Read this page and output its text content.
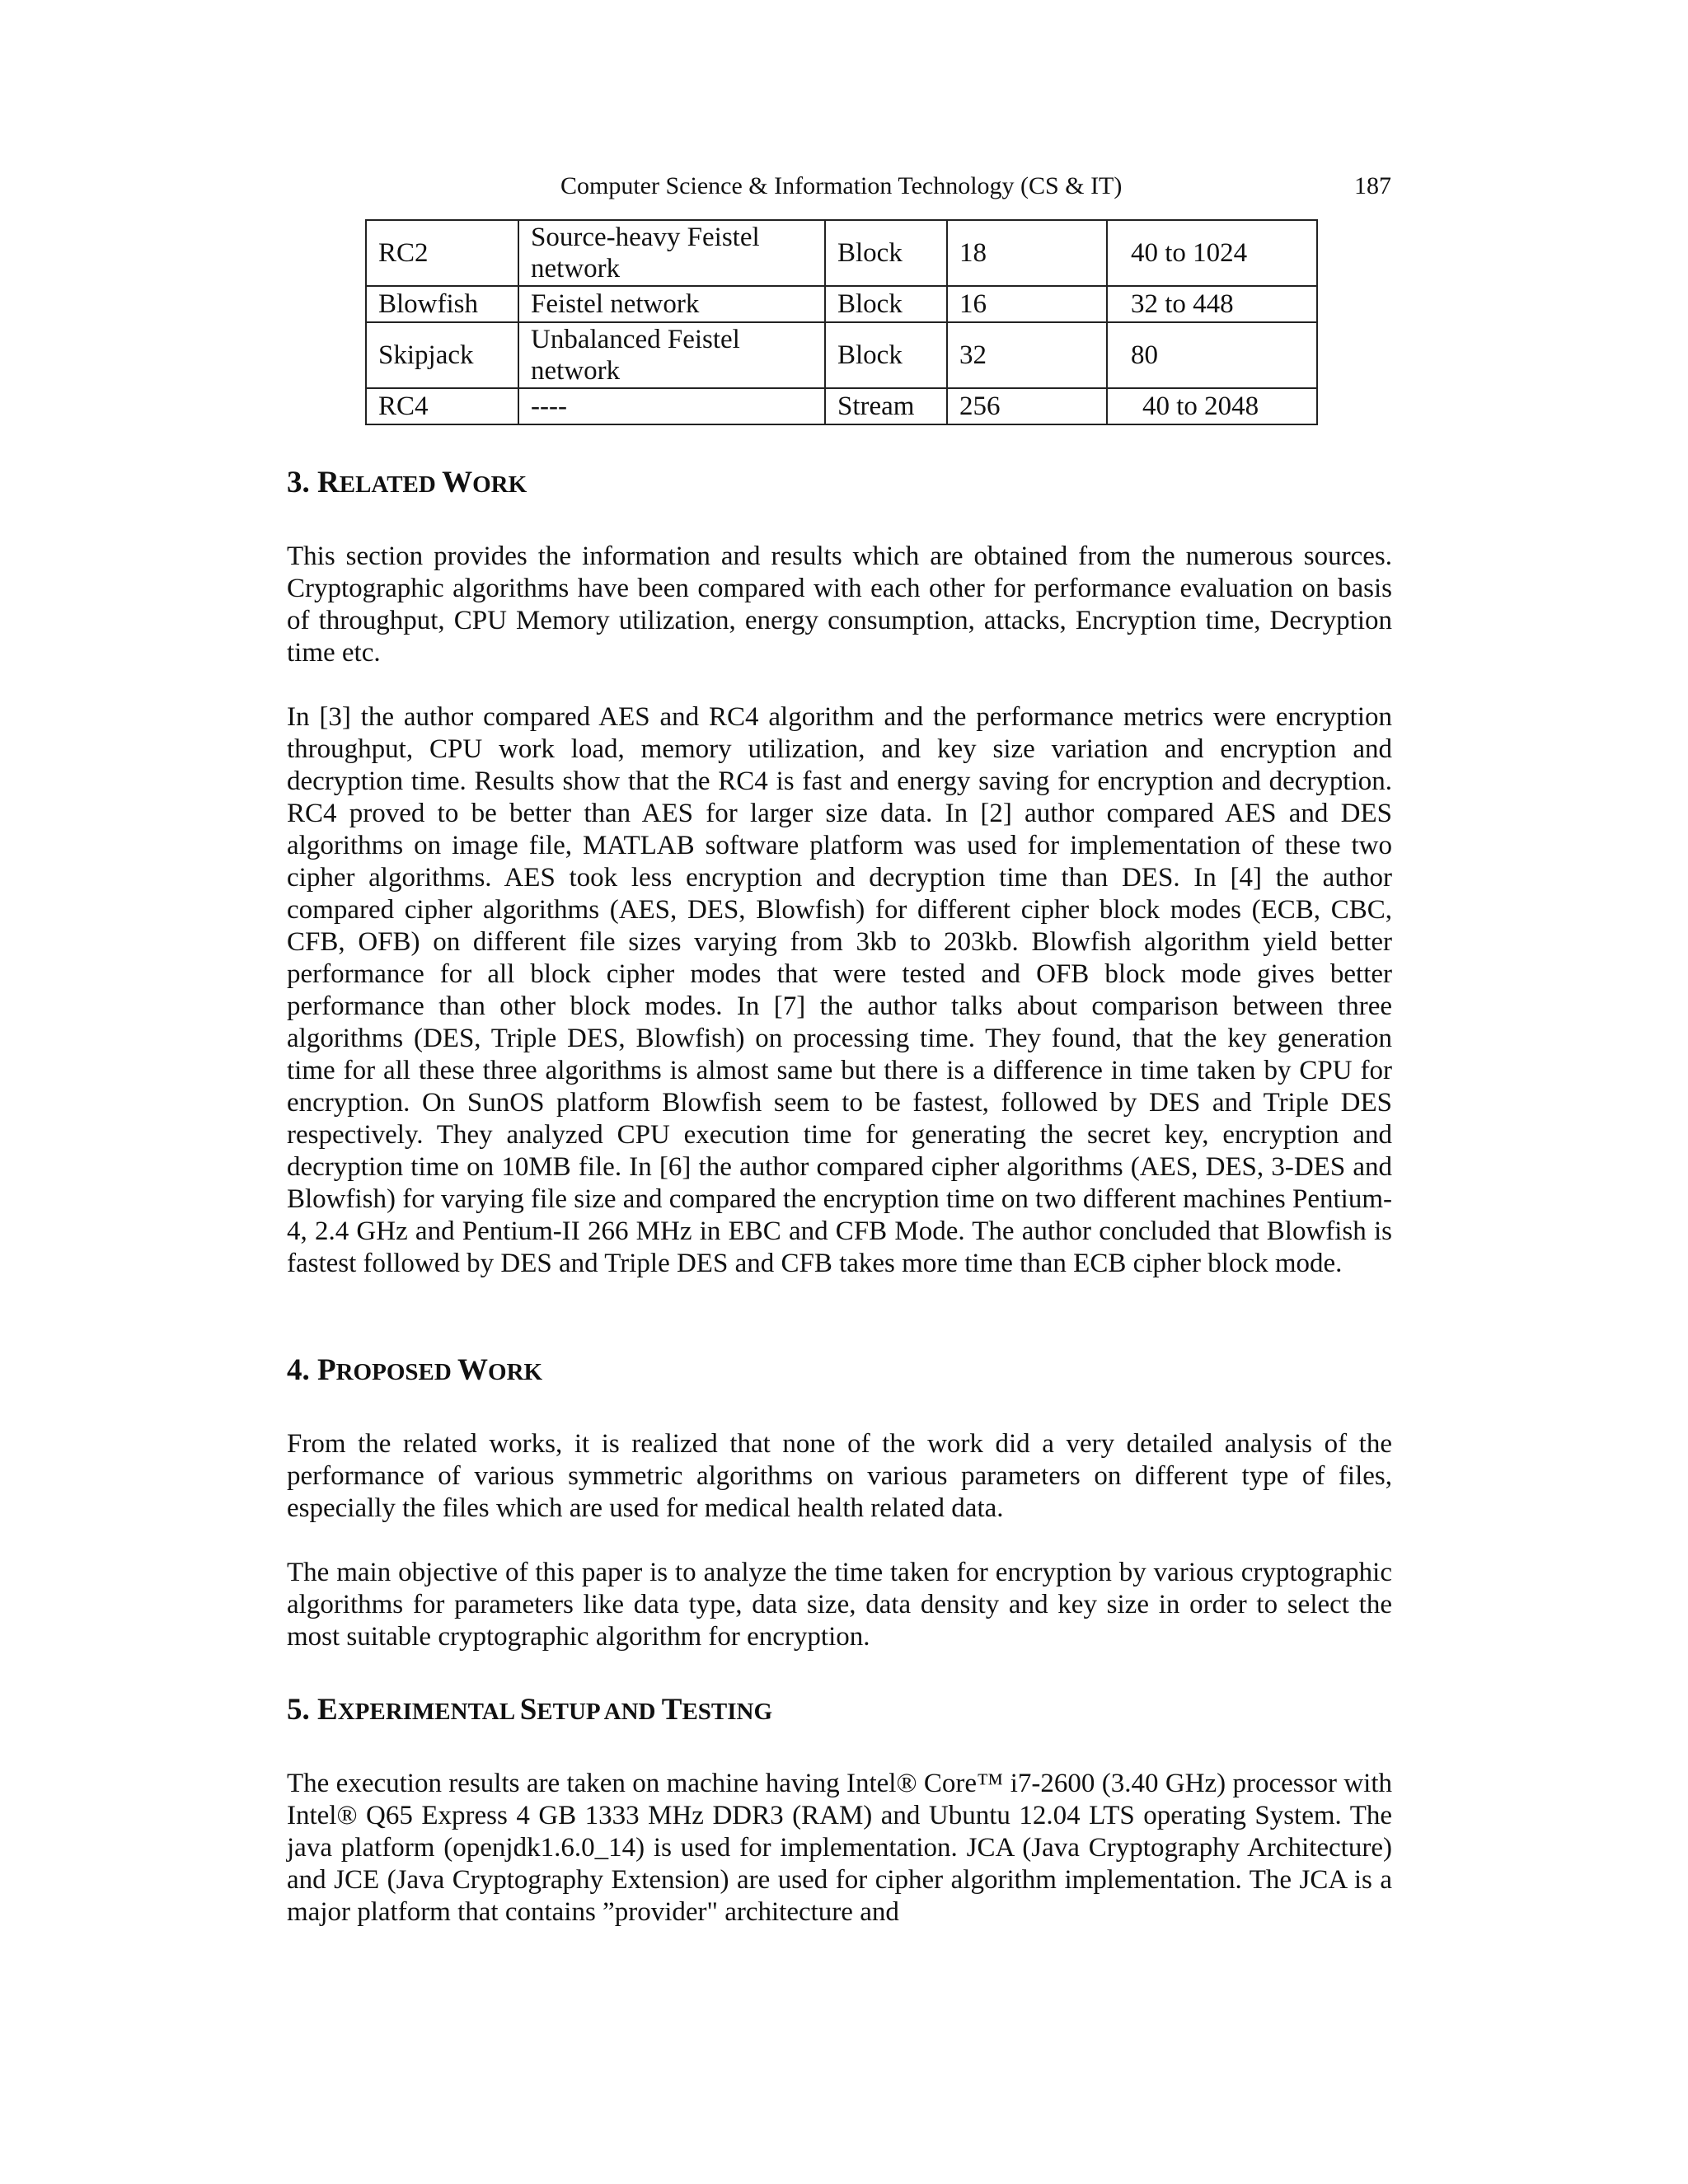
Computer Science & Information Technology (CS & IT)	187
RC2	Source-heavy Feistel network	Block	18	40 to 1024
Blowfish	Feistel network	Block	16	32 to 448
Skipjack	Unbalanced Feistel network	Block	32	80
RC4	----	Stream	256	40 to 2048
3. RELATED WORK

This section provides the information and results which are obtained from the numerous sources. Cryptographic algorithms have been compared with each other for performance evaluation on basis of throughput, CPU Memory utilization, energy consumption, attacks, Encryption time, Decryption time etc.

In [3] the author compared AES and RC4 algorithm and the performance metrics were encryption throughput, CPU work load, memory utilization, and key size variation and encryption and decryption time. Results show that the RC4 is fast and energy saving for encryption and decryption. RC4 proved to be better than AES for larger size data. In [2] author compared AES and DES algorithms on image file, MATLAB software platform was used for implementation of these two cipher algorithms. AES took less encryption and decryption time than DES. In [4] the author compared cipher algorithms (AES, DES, Blowfish) for different cipher block modes (ECB, CBC, CFB, OFB) on different file sizes varying from 3kb to 203kb. Blowfish algorithm yield better performance for all block cipher modes that were tested and OFB block mode gives better performance than other block modes. In [7] the author talks about comparison between three algorithms (DES, Triple DES, Blowfish) on processing time. They found, that the key generation time for all these three algorithms is almost same but there is a difference in time taken by CPU for encryption. On SunOS platform Blowfish seem to be fastest, followed by DES and Triple DES respectively. They analyzed CPU execution time for generating the secret key, encryption and decryption time on 10MB file. In [6] the author compared cipher algorithms (AES, DES, 3-DES and Blowfish) for varying file size and compared the encryption time on two different machines Pentium-4, 2.4 GHz and Pentium-II 266 MHz in EBC and CFB Mode. The author concluded that Blowfish is fastest followed by DES and Triple DES and CFB takes more time than ECB cipher block mode.

4. PROPOSED WORK

From the related works, it is realized that none of the work did a very detailed analysis of the performance of various symmetric algorithms on various parameters on different type of files, especially the files which are used for medical health related data.

The main objective of this paper is to analyze the time taken for encryption by various cryptographic algorithms for parameters like data type, data size, data density and key size in order to select the most suitable cryptographic algorithm for encryption.

5. EXPERIMENTAL SETUP AND TESTING

The execution results are taken on machine having Intel® Core™ i7-2600 (3.40 GHz) processor with Intel® Q65 Express 4 GB 1333 MHz DDR3 (RAM) and Ubuntu 12.04 LTS operating System. The java platform (openjdk1.6.0_14) is used for implementation. JCA (Java Cryptography Architecture) and JCE (Java Cryptography Extension) are used for cipher algorithm implementation. The JCA is a major platform that contains ”provider" architecture and
